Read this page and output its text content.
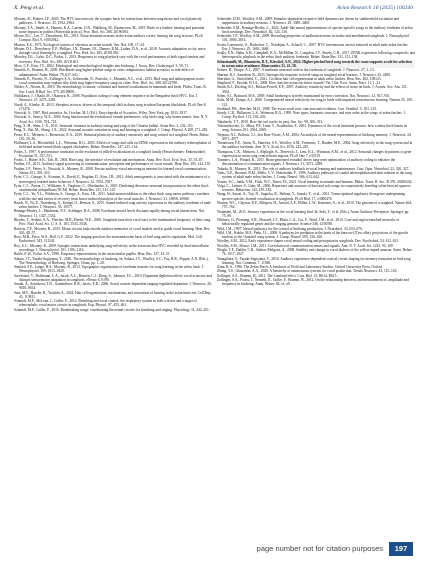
X. Peng et al.	Avian Research 16 (2025) 100240

Mooney, R., Prather, J.F., 2005. The HVC microcircuit: the synaptic basis for interactions between song motor and vocal plasticity pathways. J. Neurosci. 25, 1952–1964.

Mooney, T.A., Smith, A., Hansen, K.A., Larsen, O.N., Wahlberg, M., Rasmussen, M., 2019. Birds of a feather: hearing and potential noise impacts in puffins (Fratercula arctica). Proc. Biol. Sci. 286, 20190184.

Moore, R.C., Lee, T., Theunissen, F.E., 2013. Noise-invariant neurons in the avian auditory cortex: hearing the song in noise. PLoS Comput. Biol. 9, e1002942.

Morton, E.S., 1975. Ecological sources of selection on avian sounds. Am. Nat. 109, 17–34.

Mouter, D.L., Derryberry, E.P., Phillips, J.N., Danner, J.E., Danner, R.M., Luther, D.A., et al., 2018. Acoustic adaptation to city noise through vocal learning by a songbird. Proc. Biol. Sci. 285, 20181356.

Moseley, D.L., Lahti, D.C., Podos, J., 2013. Responses to song playback vary with the vocal performance of both signal senders and receivers. Proc. Biol. Sci. 280, 20131401.

Moss, C.F., Kim, J.Y., 2002. Ethological and neurobiological insights into birdsong. J. Assoc. Res. Otolaryngol. 3, 59–71.

Nemeth, E., Brumm, H., 2009. Blackbirds sing higher-pitched songs in cities: adaptation to habitat acoustics or side-effect of urbanization? Anim. Behav. 78, 637–641.

Nemeth, E., Pieretti, N., Zollinger, S.A., Geberzahn, N., Partecke, J., Miranda, A.C., et al., 2013. Bird song and anthropogenic noise: vocal constraints may explain why birds sing higher-frequency songs in cities. Proc. Biol. Sci. 280, 20122798.

Nelder, A., Nissen, R., 2019. The neurobiology of innate, volitional and learned vocalizations in mammals and birds. Philos. Trans. R. Soc. Lond. B Biol. Sci. 375, 20190081.

Nishikawa, J., Okada, M., Okanoya, K., 2008. Population coding of song element sequence in the Bengalese finch HVC. Eur. J. Neurosci. 27, 3273–3283.

Nordt, A., Klenke, R., 2013. Sleepless in town: drivers of the temporal shift in dawn song in urban European blackbirds. PLoS One 8, e71476.

Nowicki, S., 1987. Bird acoustics. In: Crocker, M.J. (Ed.), Encyclopedia of Acoustics. Wiley, New York, pp. 1813–1817.

Nowicki, S., Searcy, W.A., 2004. Song function and the evolution of female preferences: why birds sing, why brains matter. Ann. N. Y. Acad. Sci. 1016, 704–723.

Peng, X.-H., Shen, J.-X., 2011. Seasonal variation in auditory tuning and song of the Chinese bulbul. Avian Res. 2, 102–110.

Peng, X., Bai, M., Sheng, J.X., 2022. Seasonal acoustic variation in song and hearing in a songbird. J. Comp. Physiol. A 208, 271–282.

Perez, E.C., Meitzen, J., Brenowitz, E.A., 2019. Seasonal plasticity of auditory sensitivity and song control in a songbird. Horm. Behav. 110, 29–36.

Phillmore, L.S., Bloomfield, L.L., Weisman, R.G., 2003. Effects of songs and calls on ZENK expression in the auditory telencephalon of field-and isolate-reared black capped chickadees. Behav. Brain Res. 147, 125–134.

Podos, J., 1997. A performance constraint on the evolution of trilled vocalizations in a songbird family (Passeriformes: Emberizidae). Evolution 51, 537–551.

Podos, J., Huber, S.K., Taft, B., 2004. Bird song: the interface of evolution and mechanism. Annu. Rev. Ecol. Evol. Syst. 35, 55–87.

Prather, J.F., 2013. Auditory signal processing in communication: perception and performance of vocal sounds. Hear. Res. 305, 144–155.

Prather, J.F., Peters, S., Nowicki, S., Mooney, R., 2008. Precise auditory-vocal mirroring in neurons for learned vocal communication. Nature 451, 305–310.

Pytte, C.L., George, S., Korman, S., David, E., Bogdan, D., Kirn, J.R., 2012. Adult neurogenesis is associated with the maintenance of a stereotyped, learned motor behavior. J. Neurosci. 32, 7052–7057.

Pytte, C.L., Parent, C., Wildstein, S., Varghese, C., Oberlander, S., 2010. Deafening decreases neuronal incorporation in the zebra finch caudomedial nidopallium (NCM). Behav. Brain Res. 211, 141–147.

Pytte, C.L., Yu, Y.L., Wildstein, S., George, S., Kirn, J.R., 2011. Adult neuron addition to the zebra finch song motor pathway correlates with the rate and extent of recovery from botox-induced paralysis of the vocal muscles. J. Neurosci. 31, 16958–16968.

Rauch, N., Ni, E., Nurenberg, A., Kempf, O., Bencze, S., 2015. Sound-induced song activity expression in the auditory forebrain of male zebra finches. J. Neurosci. 35, 10377.

Remage-Healey, L., Maidment, N.T., Schlinger, B.A., 2008. Forebrain steroid levels fluctuate rapidly during social interactions. Nat. Neurosci. 11, 1327–1334.

Rhodes, T., Seibert, A.A., Fletcher, M.R., Beebe, W.E., 2006. Songbirds tune their vocal tract to the fundamental frequency of their song. Proc. Natl. Acad. Sci. U. S. A. 103, 5543–5546.

Roberts, T.F., Mooney, R., 2013. Motor circuits help encode auditory memories of vocal models used to guide vocal learning. Hear. Res. 303, 48–57.

Ross, M.R., Price, W.S., Ball, G.F., 2022. The singing question: the neuroendocrine basis of bird song and its regulation. Mol. Cell. Endocrinol. 545, 111541.

Roy, A.C., Mooney, R., 2009. Synaptic interactions underlying song-selectivity in the avian nucleus HVC revealed by dual intracellular recordings. J. Neurophysiol. 101, 1106–1116.

Ruble, E.W., Fodor, S.A., 1998. Frequency representation in the avian basilar papilla. Hear. Res. 127, 43–51.

Sakata, J.T., Yazaki-Sugiyama, Y., 2020. The neuroethology of birdsong. In: Sakata, J.T., Woolley, S.C., Fay, R.R., Popper, A.N. (Eds.), The Neuroethology of Birdsong. Springer, Cham, pp. 1–20.

Sanford, S.E., Lange, H.S., Mooney, R., 2013. Topographic organization of forebrain neurons for song learning in the zebra finch. J. Neurophysiol. 109, 1813–1820.

Sarvestani, V., Hoffmann, L.A., Jacob, A.L., Benzon, C.J., Dong, S., Johnson, F.L., 2019. Dopamine depletion affects vocal acoustics and disrupts sensorimotor adaptation in songbirds. eNeuro 6, 0190.

Sasaki, A., Sotnikova, T.D., Gainetdinov, R.R., Jarvis, E.D., 2006. Social context-dependent singing-regulated dopamine. J. Neurosci. 26, 9010–9014.

Sato, M.F., Hasebe, R., Yoshida, S., 2024. Hair cell regeneration, mechanisms, and restoration of hearing in the avian inner ear. Cell Rep. 43, 113811.

Schmidt, M.F., McLean, J., Goller, F., 2012. Breathing and vocal control: the respiratory system as both a driver and a target of telencephalic vocal motor circuits in songbirds. Exp. Physiol. 97, 455–461.

Schmidt, M.F., Goller, F., 2016. Breathtaking songs: coordinating the neural circuits for breathing and singing. Physiology 31, 442–451.

Schneider, D.M., Woolley, S.M., 2009. Stimulus-dependent receptive field dynamics are driven by subthreshold excitation and suppression in auditory neurons. J. Neurosci. 29, 3389–3400.

Schneider, S.M., Remage-Healey, L., 2022. Adult-like neural representations of species-specific songs in the auditory forebrain of zebra finch nestlings. Dev. Neurobiol. 82, 124–136.

Schneider, J.P., Woolley, S.M., 2009. Revealing properties of midbrain neurons in awake and anesthetized songbirds. J. Neurophysiol. 101, 3000–3014.

Scotto-Lomassese, S., Rochefort, C., Nshdejan, A., Scharff, C., 2007. HVC interneurons are not renewed in adult male zebra finches. Eur. J. Neurosci. 25, 1663–1668.

Scully, E.N., Hahn, A.H., Campbell, K.A., McMillan, N., Congdon, J.V., Sturdy, C.B., 2017. ZENK expression following conspecific and heterospecific playback in the zebra finch auditory forebrain. Behav. Brain Res. 331, 151–158.

Sebastianelli, M., Blumstein, D.T., Kirschel, A.N., 2022. Higher-pitched bird song towards the coast supports a role for selection in ocean noise avoidance. Bioacoustics 31, 41–58.

Seltzer, H., Doupe, A.J., 2007. A nonlinear neuronal code in the forebrain of songbirds. J. Neurosci. 27, 1–13.

Sharma, K.J., Sarrafian, B., 2023. Interspecific response to novel songs in songbird vocal learners. J. Neurosci. 43, 4490.

Sheridan, G., Stritchfield, C., 2021. Cochlear hair cell regeneration in adult zebra finches. Hear. Res. 402, 108123.

Shepherd, F., Pawlak, H.I.A., 2008. How does the avian ear detect sounds? Vet. Clin. Exot. Anim. Pract. 11, 1–21.

Smith, R.J., Dooling, R.J., Brittan-Powell, E.F., 2007. Auditory sensitivity and the effects of noise on birds. J. Acoust. Soc. Am. 121, 3034.

Sober, S.J., Brainard, M.S., 2009. Adult birdsong is actively maintained by error correction. Nat. Neurosci. 12, 927–931.

Solis, M.M., Doupe, A.J., 2000. Compromised neural selectivity for song in birds with impaired sensorimotor learning. Neuron 25, 109–121.

Stoddard, P.K., Beecher, M.D., 1988. The avian vocal tract: function and evolution. Curr. Ornithol. 5, 101–123.

Sturdy, C.B., Phillmore, L.S., Weisman, R.G., 1999. Note types, harmonic structure, and note order in the songs of zebra finches. J. Comp. Psychol. 113, 194–203.

Takahashi, T.T., 2010. How the owl tracks its prey. Am. Sci. 98, 306–313.

Tchernichovski, O., Mitra, P.P., Lints, T., Nottebohm, F., 2001. Dynamics of the vocal imitation process: how a zebra finch learns its song. Science 291, 2564–2569.

Terpstra, N.J., Bolhuis, J.J., den Boer-Visser, A.M., 2004. An analysis of the neural representation of birdsong memory. J. Neurosci. 24, 4971–4977.

Theunissen, F.E., Amin, N., Shaevitz, S.S., Woolley, S.M., Fremouw, T., Hauber, M.E., 2004. Song selectivity in the song system and in the auditory forebrain. Ann. N. Y. Acad. Sci. 1016, 222–245.

Thompson, C.K., Meitzen, J., Replogle, K., Drnevich, J., Lent, K.L., Wissman, A.M., et al., 2012. Seasonal changes in patterns of gene expression in avian song control brain regions. PLoS One 7, e35119.

Timmers, L.A., Pinaud, R., 2011. Brain-generated estradiol drives long-term optimization of auditory coding to enhance the discrimination of communication signals. J. Neurosci. 31, 3273–3289.

Tokuda, R., Mooney, R., 2012. The role of auditory feedback in vocal learning and maintenance. Curr. Opin. Neurobiol. 22, 320–327.

Vates, G.E., Broome, B.M., Mello, C.V., Nottebohm, F., 1996. Auditory pathways of caudal telencephalon and their relation to the song system of adult male zebra finches. J. Comp. Neurol. 366, 613–642.

Vernes, S.C., Janik, V.M., Fitch, W.T., Slater, P.J., 2021. Vocal learning in animals and humans. Philos. Trans. R. Soc. B 376, 20200234.

Voigt, C., Leitner, S., Gahr, M., 2006. Repertoire and structure of duet and solo songs in cooperatively breeding white-browed sparrow weavers. Behaviour 143, 159–182.

Wang, H., Sawai, A., Toji, N., Sugioka, R., Shibata, Y., Suzuki, Y., et al., 2021. Transcriptional regulatory divergence underpinning species-specific learned vocalization in songbirds. PLoS Biol. 17, e3000476.

Warren, W.C., Clayton, D.F., Ellegren, H., Arnold, A.P., Hillier, L.W., Künstner, A., et al., 2010. The genome of a songbird. Nature 464, 757–762.

Watanabe, M., 2011. Sensory experience in the vocal learning bird. In: Seki, Y., et al. (Eds.), Avian Auditory Perception. Springer, pp. 75–96.

Whitney, O., Pfenning, A.R., Howard, J.T., Blatti, C.A., Liu, F., Ward, J.M., et al., 2014. Core and region-enriched networks of behaviorally regulated genes and the singing genome. Science 346, 1256780.

Wild, J.M., 1997. Neural pathways for the control of birdsong production. J. Neurobiol. 33, 653–670.

Wild, J.M., Kubke, M.F., Peña, J.L., 2008. A pathway for predation in the brain of the barn owl (Tyto alba): projections of the gracile nucleus to the 'claustral' song system. J. Comp. Neurol. 509, 156–166.

Woolley, S.M., 2012. Early experience shapes vocal neural coding and perception in songbirds. Dev. Psychobiol. 54, 612–631.

Woolley, S.M., Moore, J.M., 2011. Coevolution in communication senses and signals. Ann. N. Y. Acad. Sci. 1225, 93–109.

Wright, T.F., Dahlin, C.R., Salinas-Melgoza, A., 2008. Stability and change in vocal dialects of the yellow-naped amazon. Anim. Behav. 76, 1017–1027.

Yanagihara, S., Yazaki-Sugiyama, Y., 2016. Auditory experience-dependent cortical circuit shaping for memory formation in bird song learning. Nat. Commun. 7, 11946.

Zann, R.A., 1996. The Zebra Finch: A Synthesis of Field and Laboratory Studies. Oxford University Press, Oxford.

Zhang, Y.S., Ghazanfar, A.A., 2020. A hierarchy of autonomous systems for vocal production. Trends Neurosci. 43, 115–126.

Zollinger, S.A., Brumm, H., 2011. The Lombard effect. Curr. Biol. 21, R614–R615.

Zollinger, S.A., Podos, J., Nemeth, E., Goller, F., Brumm, H., 2012. On the relationship between, and measurement of, amplitude and frequency in birdsong. Anim. Behav. 84, e1–e9.

page number not for citation purposes	197
